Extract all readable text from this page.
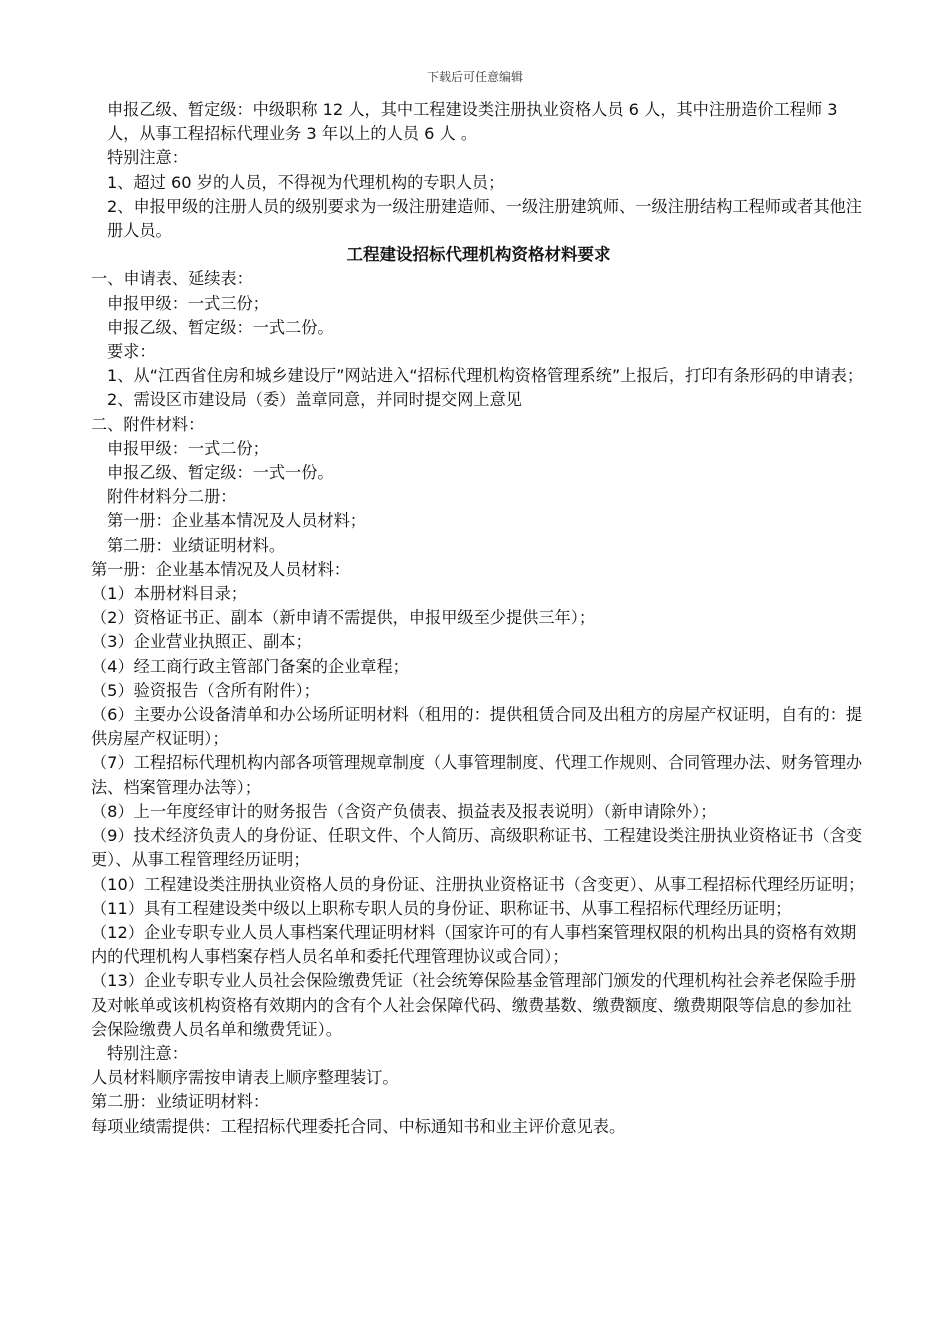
下载后可任意编辑

申报乙级、暂定级：中级职称 12 人，其中工程建设类注册执业资格人员 6 人，其中注册造价工程师 3 人，从事工程招标代理业务 3 年以上的人员 6 人 。

特别注意：

1、超过 60 岁的人员，不得视为代理机构的专职人员；

2、申报甲级的注册人员的级别要求为一级注册建造师、一级注册建筑师、一级注册结构工程师或者其他注册人员。

工程建设招标代理机构资格材料要求

一、申请表、延续表：

申报甲级：一式三份；

申报乙级、暂定级：一式二份。

要求：

1、从“江西省住房和城乡建设厅”网站进入“招标代理机构资格管理系统”上报后，打印有条形码的申请表；

2、需设区市建设局（委）盖章同意，并同时提交网上意见

二、附件材料：

申报甲级：一式二份；

申报乙级、暂定级：一式一份。

附件材料分二册：

第一册：企业基本情况及人员材料；

第二册：业绩证明材料。

第一册：企业基本情况及人员材料：

（1）本册材料目录；

（2）资格证书正、副本（新申请不需提供，申报甲级至少提供三年）；

（3）企业营业执照正、副本；

（4）经工商行政主管部门备案的企业章程；

（5）验资报告（含所有附件）；

（6）主要办公设备清单和办公场所证明材料（租用的：提供租赁合同及出租方的房屋产权证明，自有的：提供房屋产权证明）；

（7）工程招标代理机构内部各项管理规章制度（人事管理制度、代理工作规则、合同管理办法、财务管理办法、档案管理办法等）；

（8）上一年度经审计的财务报告（含资产负债表、损益表及报表说明）（新申请除外）；

（9）技术经济负责人的身份证、任职文件、个人简历、高级职称证书、工程建设类注册执业资格证书（含变更）、从事工程管理经历证明；

（10）工程建设类注册执业资格人员的身份证、注册执业资格证书（含变更）、从事工程招标代理经历证明；

（11）具有工程建设类中级以上职称专职人员的身份证、职称证书、从事工程招标代理经历证明；

（12）企业专职专业人员人事档案代理证明材料（国家许可的有人事档案管理权限的机构出具的资格有效期内的代理机构人事档案存档人员名单和委托代理管理协议或合同）；

（13）企业专职专业人员社会保险缴费凭证（社会统筹保险基金管理部门颁发的代理机构社会养老保险手册及对帐单或该机构资格有效期内的含有个人社会保障代码、缴费基数、缴费额度、缴费期限等信息的参加社会保险缴费人员名单和缴费凭证）。

特别注意：

人员材料顺序需按申请表上顺序整理装订。

第二册：业绩证明材料：

每项业绩需提供：工程招标代理委托合同、中标通知书和业主评价意见表。
